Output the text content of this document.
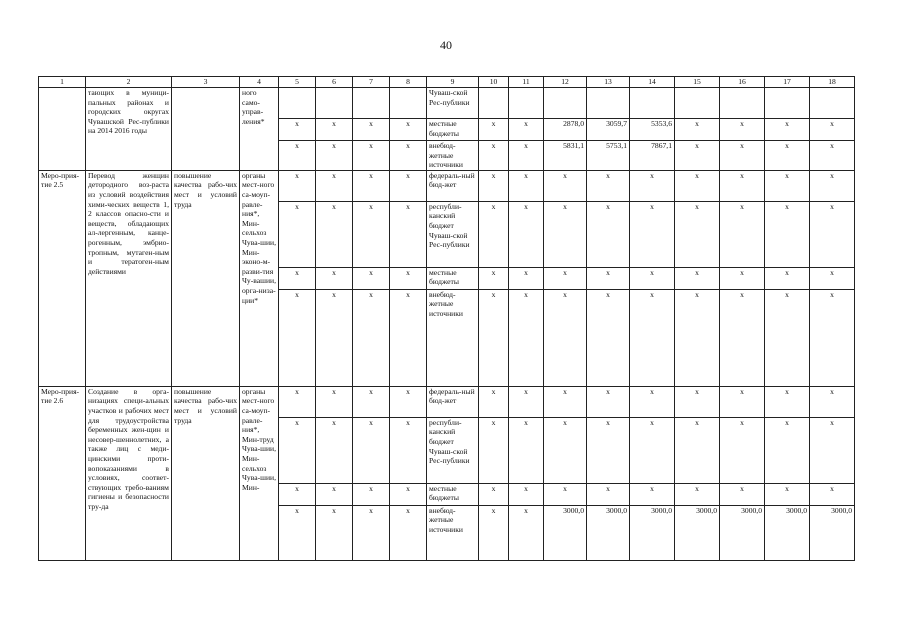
40
1	2	3	4	5	6	7	8	9	10	11	12	13	14	15	16	17	18
	тающих в муници-пальных районах и городских округах Чувашской Рес-публики на 2014 2016 годы		ного само-управ-ления*					Чуваш-ской Рес-публики									
				x	x	x	x	местные бюджеты	x	x	2878,0	3059,7	5353,6	x	x	x	x
				x	x	x	x	внебюд-жетные источники	x	x	5831,1	5753,1	7867,1	x	x	x	x
Меро-прия-тие 2.5	Перевод женщин детородного воз-раста из условий воздействия хими-ческих веществ 1, 2 классов опасно-сти и веществ, обладающих ал-лергенным, канце-рогенным, эмбрио-тропным, мутаген-ным и тератоген-ным действиями	повышение качества рабо-чих мест и условий труда	органы мест-ного са-моуп-равле-ния*, Мин-сельхоз Чува-шии, Мин-эконо-м-разви-тия Чу-вашии, орга-низа-ции*	x	x	x	x	федераль-ный бюд-жет	x	x	x	x	x	x	x	x	x
				x	x	x	x	республи-канский бюджет Чуваш-ской Рес-публики	x	x	x	x	x	x	x	x	x
				x	x	x	x	местные бюджеты	x	x	x	x	x	x	x	x	x
				x	x	x	x	внебюд-жетные источники	x	x	x	x	x	x	x	x	x
Меро-прия-тие 2.6	Создание в орга-низациях специ-альных участков и рабочих мест для трудоустройства беременных жен-щин и несовер-шеннолетних, а также лиц с меди-цинскими проти-вопоказаниями в условиях, соответ-ствующих требо-ваниям гигиены и безопасности тру-да	повышение качества рабо-чих мест и условий труда	органы мест-ного са-моуп-равле-ния*, Мин-труд Чува-шии, Мин-сельхоз Чува-шии, Мин-	x	x	x	x	федераль-ный бюд-жет	x	x	x	x	x	x	x	x	x
				x	x	x	x	республи-канский бюджет Чуваш-ской Рес-публики	x	x	x	x	x	x	x	x	x
				x	x	x	x	местные бюджеты	x	x	x	x	x	x	x	x	x
				x	x	x	x	внебюд-жетные источники	x	x	3000,0	3000,0	3000,0	3000,0	3000,0	3000,0	3000,0
